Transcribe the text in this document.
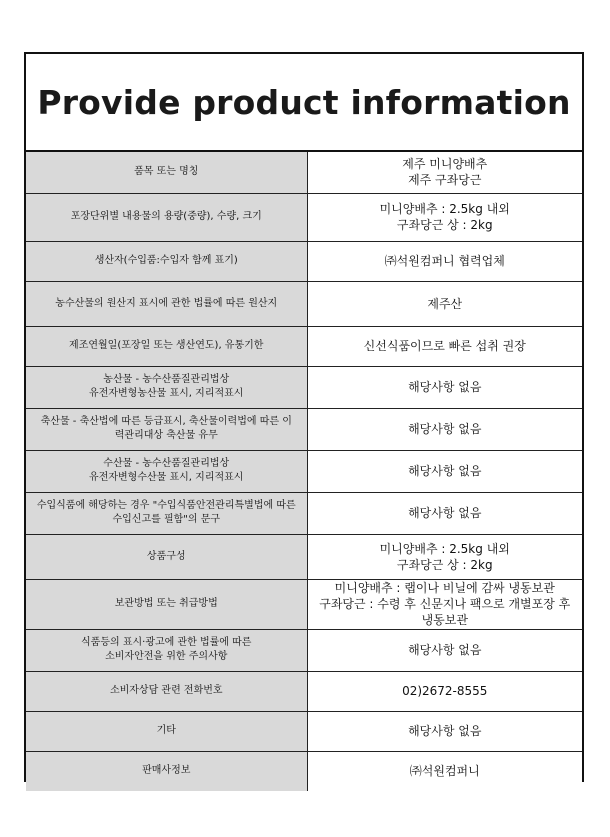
Provide product information
품목 또는 명칭	제주 미니양배추
제주 구좌당근

포장단위별 내용물의 용량(중량), 수량, 크기	미니양배추 : 2.5kg 내외
구좌당근 상 : 2kg

생산자(수입품:수입자 함께 표기)	㈜석원컴퍼니 협력업체

농수산물의 원산지 표시에 관한 법률에 따른 원산지	제주산

제조연월일(포장일 또는 생산연도), 유통기한	신선식품이므로 빠른 섭취 권장

농산물 - 농수산품질관리법상
유전자변형농산물 표시, 지리적표시	해당사항 없음

축산물 - 축산법에 따른 등급표시, 축산물이력법에 따른 이
력관리대상 축산물 유무	해당사항 없음

수산물 - 농수산품질관리법상
유전자변형수산물 표시, 지리적표시	해당사항 없음

수입식품에 해당하는 경우 "수입식품안전관리특별법에 따른
수입신고를 필함"의 문구	해당사항 없음

상품구성	미니양배추 : 2.5kg 내외
구좌당근 상 : 2kg

보관방법 또는 취급방법	미니양배추 : 랩이나 비닐에 감싸 냉동보관
구좌당근 : 수령 후 신문지나 팩으로 개별포장 후
냉동보관

식품등의 표시·광고에 관한 법률에 따른
소비자안전을 위한 주의사항	해당사항 없음

소비자상담 관련 전화번호	02)2672-8555

기타	해당사항 없음

판매사정보	㈜석원컴퍼니
